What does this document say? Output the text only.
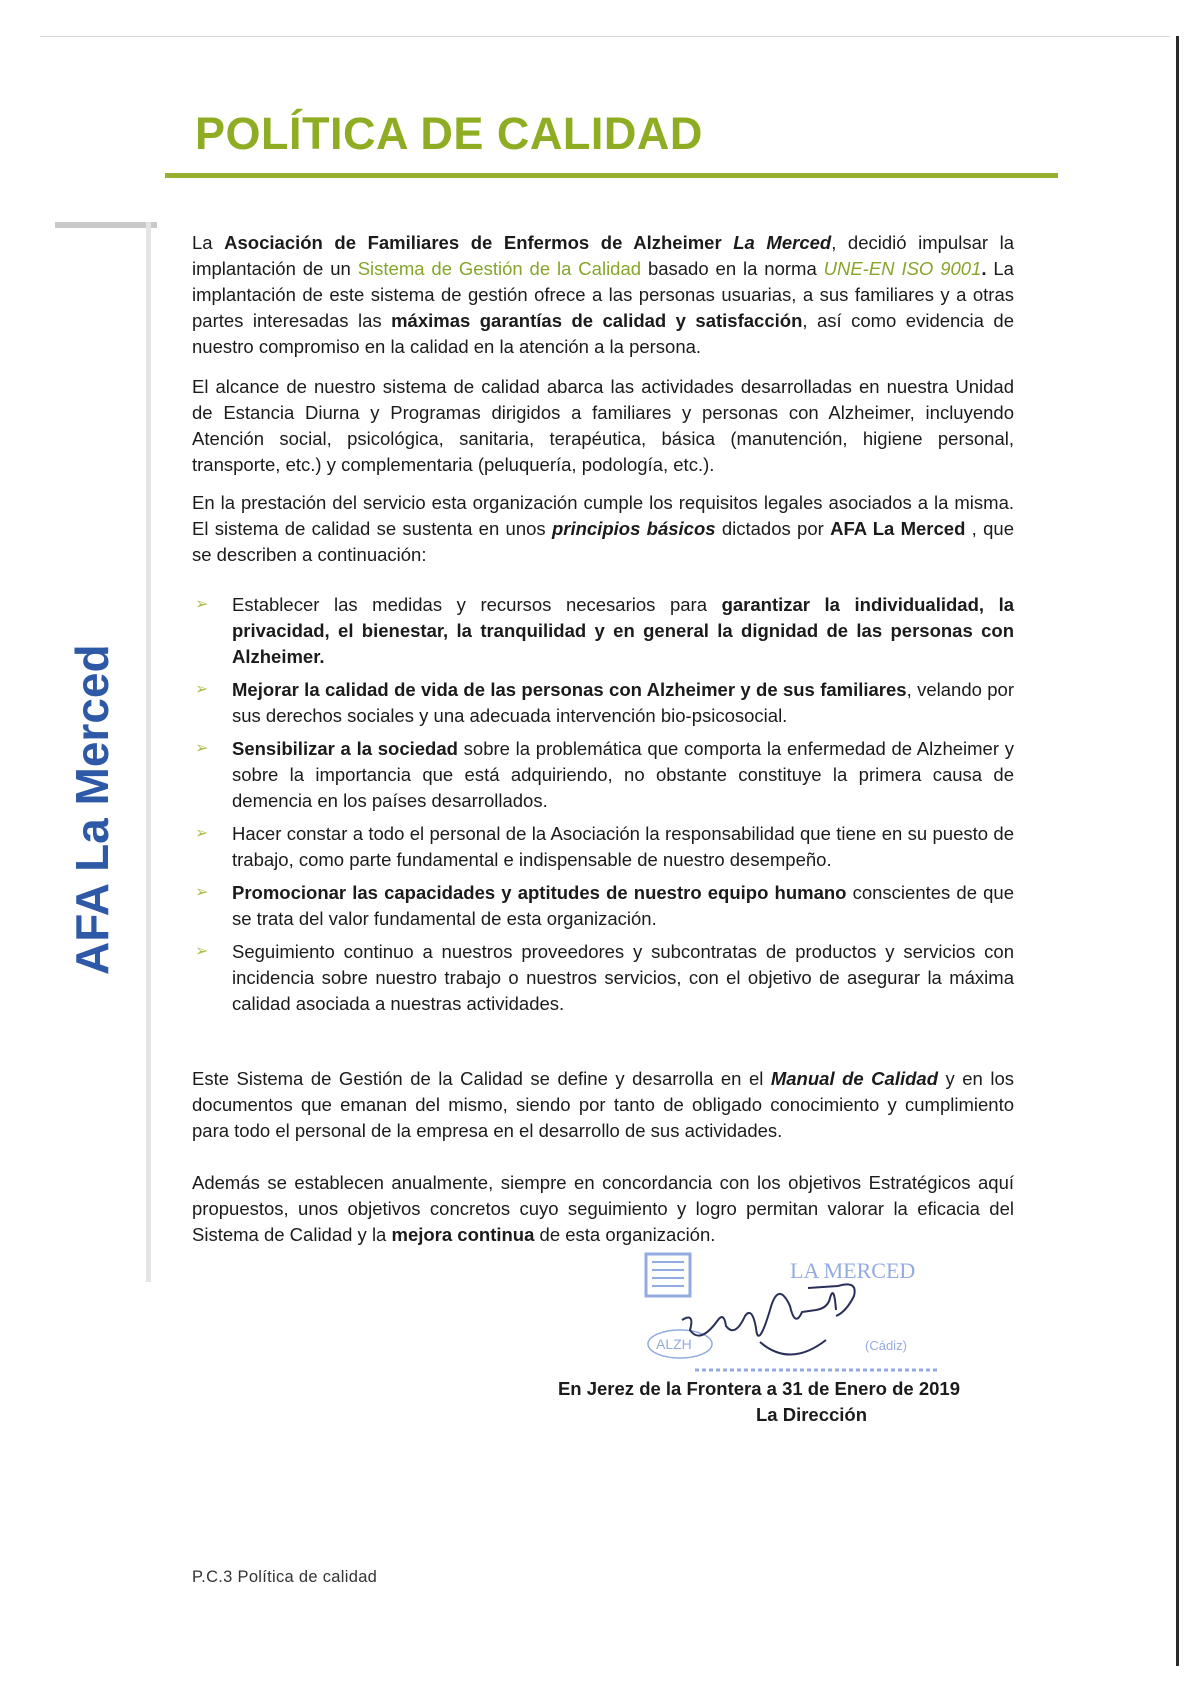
POLÍTICA DE CALIDAD
AFA La Merced

La Asociación de Familiares de Enfermos de Alzheimer La Merced, decidió impulsar la implantación de un Sistema de Gestión de la Calidad basado en la norma UNE-EN ISO 9001. La implantación de este sistema de gestión ofrece a las personas usuarias, a sus familiares y a otras partes interesadas las máximas garantías de calidad y satisfacción, así como evidencia de nuestro compromiso en la calidad en la atención a la persona.

El alcance de nuestro sistema de calidad abarca las actividades desarrolladas en nuestra Unidad de Estancia Diurna y Programas dirigidos a familiares y personas con Alzheimer, incluyendo Atención social, psicológica, sanitaria, terapéutica, básica (manutención, higiene personal, transporte, etc.) y complementaria (peluquería, podología, etc.).

En la prestación del servicio esta organización cumple los requisitos legales asociados a la misma. El sistema de calidad se sustenta en unos principios básicos dictados por AFA La Merced , que se describen a continuación:

➢ Establecer las medidas y recursos necesarios para garantizar la individualidad, la privacidad, el bienestar, la tranquilidad y en general la dignidad de las personas con Alzheimer.
➢ Mejorar la calidad de vida de las personas con Alzheimer y de sus familiares, velando por sus derechos sociales y una adecuada intervención bio-psicosocial.
➢ Sensibilizar a la sociedad sobre la problemática que comporta la enfermedad de Alzheimer y sobre la importancia que está adquiriendo, no obstante constituye la primera causa de demencia en los países desarrollados.
➢ Hacer constar a todo el personal de la Asociación la responsabilidad que tiene en su puesto de trabajo, como parte fundamental e indispensable de nuestro desempeño.
➢ Promocionar las capacidades y aptitudes de nuestro equipo humano conscientes de que se trata del valor fundamental de esta organización.
➢ Seguimiento continuo a nuestros proveedores y subcontratas de productos y servicios con incidencia sobre nuestro trabajo o nuestros servicios, con el objetivo de asegurar la máxima calidad asociada a nuestras actividades.

Este Sistema de Gestión de la Calidad se define y desarrolla en el Manual de Calidad y en los documentos que emanan del mismo, siendo por tanto de obligado conocimiento y cumplimiento para todo el personal de la empresa en el desarrollo de sus actividades.

Además se establecen anualmente, siempre en concordancia con los objetivos Estratégicos aquí propuestos, unos objetivos concretos cuyo seguimiento y logro permitan valorar la eficacia del Sistema de Calidad y la mejora continua de esta organización.

LA MERCED
ALZH	(Cádiz)

En Jerez de la Frontera a 31 de Enero de 2019

La Dirección

P.C.3 Política de calidad
